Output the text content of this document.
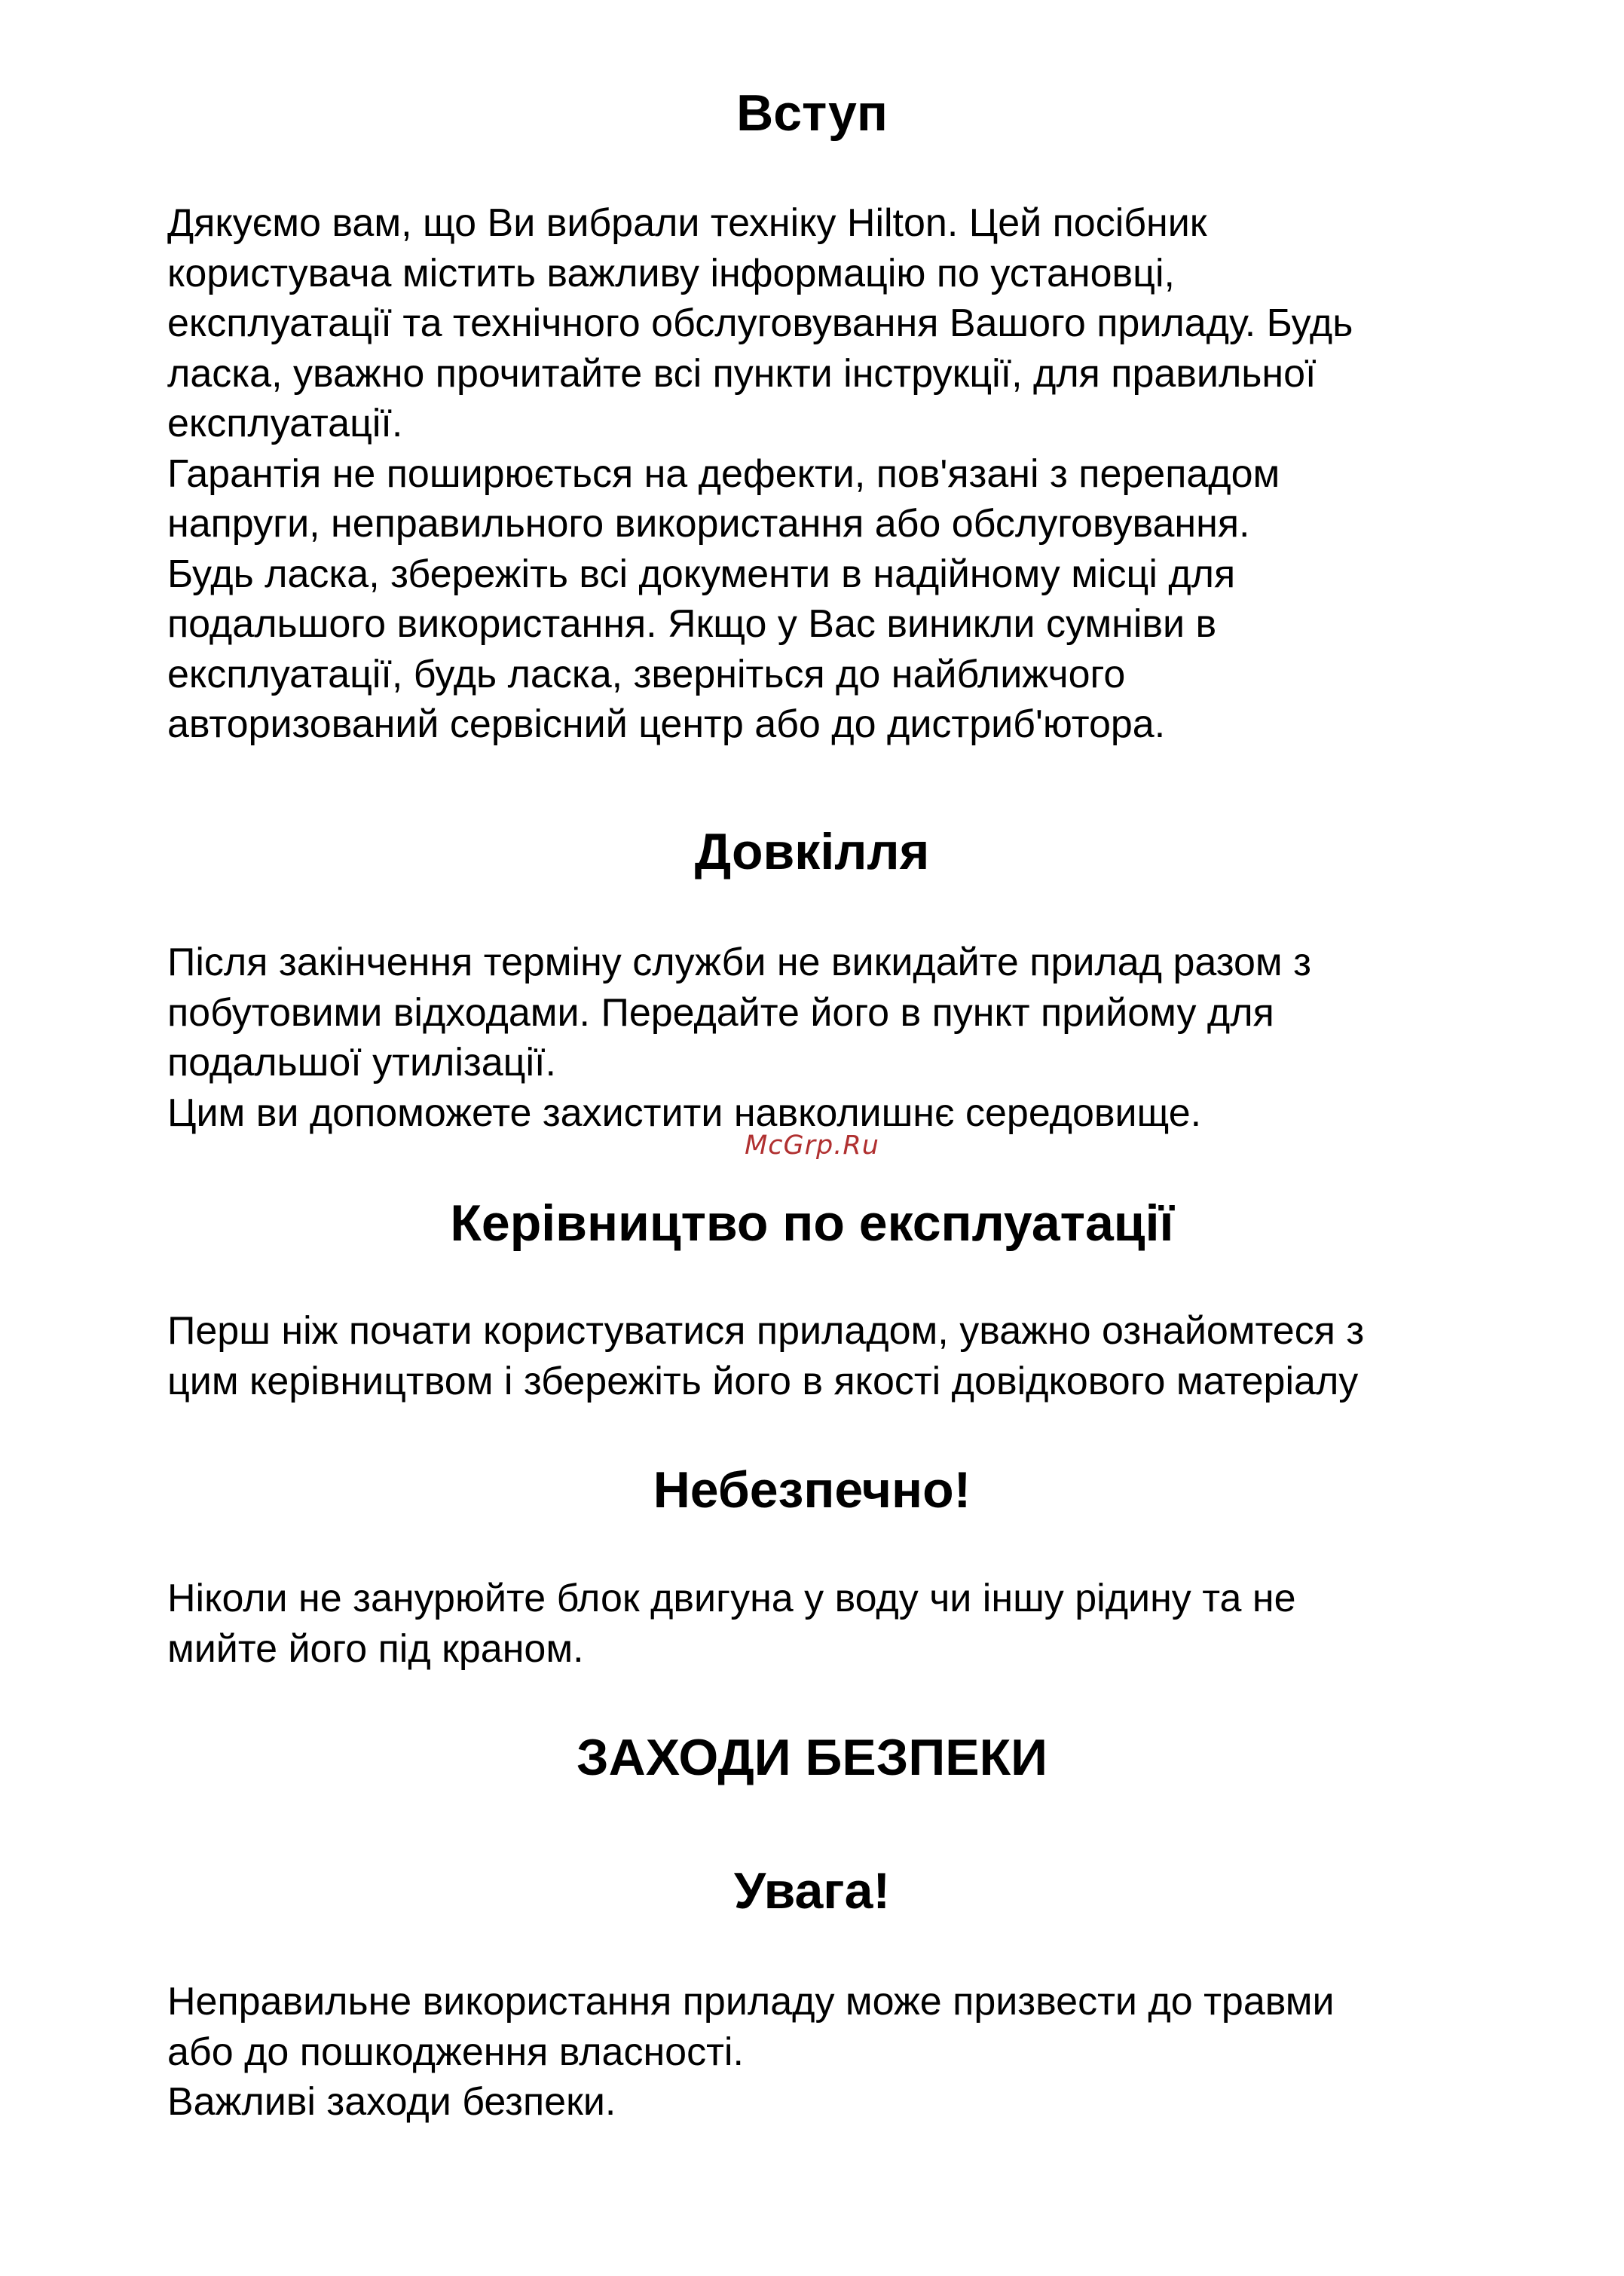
Вступ
Дякуємо вам, що Ви вибрали техніку Hilton. Цей посібник
користувача містить важливу інформацію по установці,
експлуатації та технічного обслуговування Вашого приладу. Будь
ласка, уважно прочитайте всі пункти інструкції, для правильної
експлуатації.
Гарантія не поширюється на дефекти, пов'язані з перепадом
напруги, неправильного використання або обслуговування.
Будь ласка, збережіть всі документи в надійному місці для
подальшого використання. Якщо у Вас виникли сумніви в
експлуатації, будь ласка, зверніться до найближчого
авторизований сервісний центр або до дистриб'ютора.
Довкілля
Після закінчення терміну служби не викидайте прилад разом з
побутовими відходами. Передайте його в пункт прийому для
подальшої утилізації.
Цим ви допоможете захистити навколишнє середовище.
McGrp.Ru
Керівництво по експлуатації
Перш ніж почати користуватися приладом, уважно ознайомтеся з
цим керівництвом і збережіть його в якості довідкового матеріалу
Небезпечно!
Ніколи не занурюйте блок двигуна у воду чи іншу рідину та не
мийте його під краном.
ЗАХОДИ БЕЗПЕКИ
Увага!
Неправильне використання приладу може призвести до травми
або до пошкодження власності.
Важливі заходи безпеки.
